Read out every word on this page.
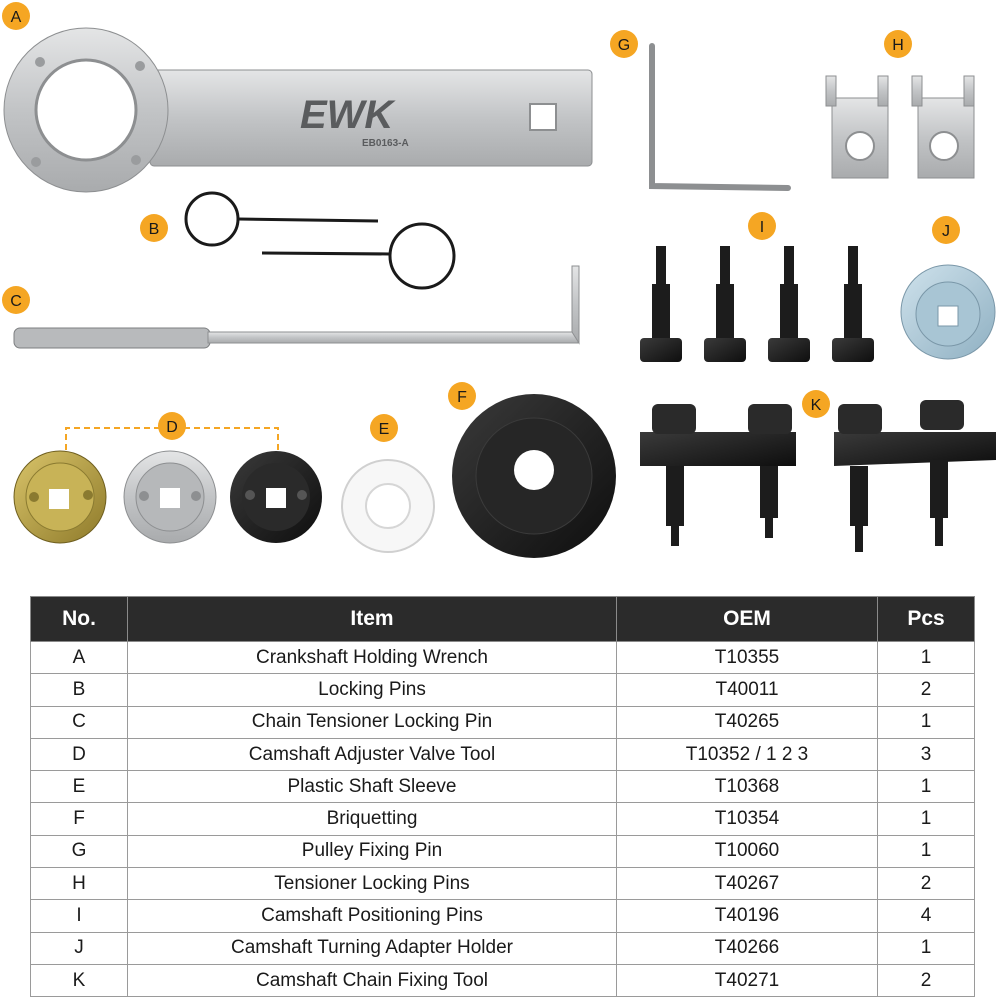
EWK
EB0163-A
A
B
C
D	E
F
G	H
I	J
K
No.	Item	OEM	Pcs
A	Crankshaft Holding Wrench	T10355	1
B	Locking Pins	T40011	2
C	Chain Tensioner Locking Pin	T40265	1
D	Camshaft Adjuster Valve Tool	T10352 / 1 2 3	3
E	Plastic Shaft Sleeve	T10368	1
F	Briquetting	T10354	1
G	Pulley Fixing Pin	T10060	1
H	Tensioner Locking Pins	T40267	2
I	Camshaft Positioning Pins	T40196	4
J	Camshaft Turning Adapter Holder	T40266	1
K	Camshaft Chain Fixing Tool	T40271	2
